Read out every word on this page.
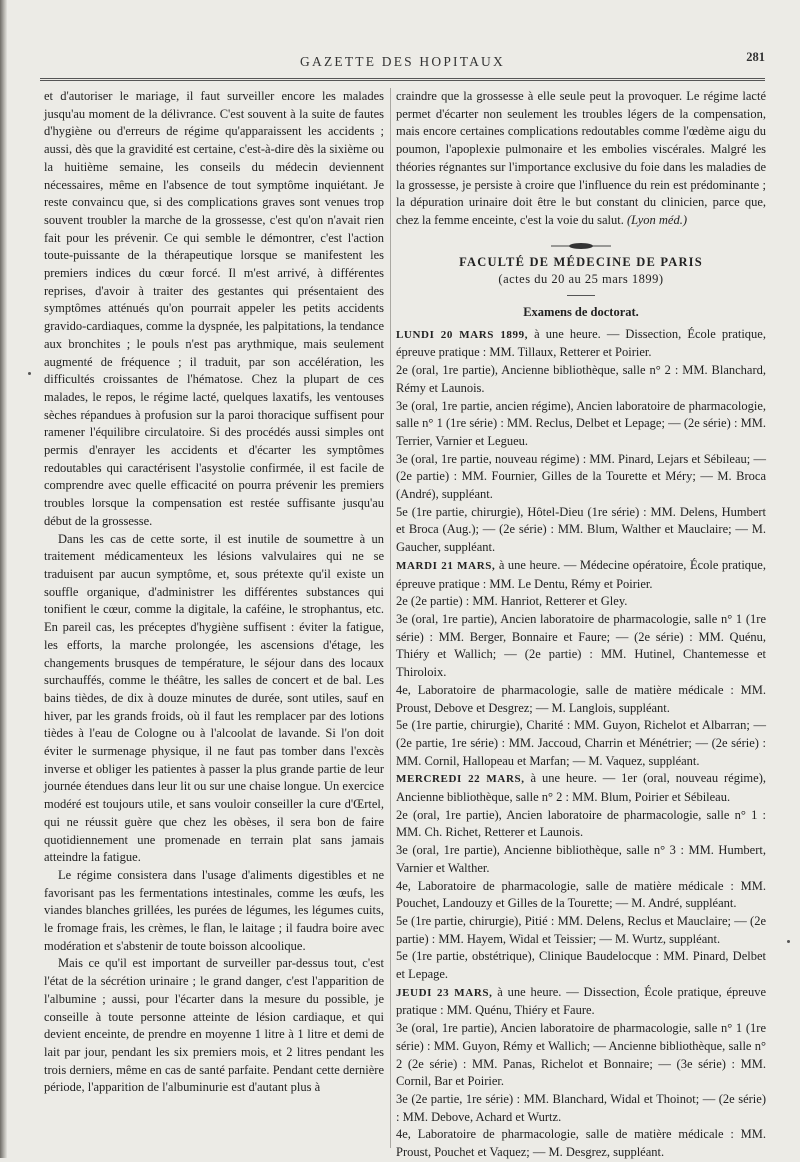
GAZETTE DES HOPITAUX	281

et d'autoriser le mariage, il faut surveiller encore les malades jusqu'au moment de la délivrance. C'est souvent à la suite de fautes d'hygiène ou d'erreurs de régime qu'apparaissent les accidents ; aussi, dès que la gravidité est certaine, c'est-à-dire dès la sixième ou la huitième semaine, les conseils du médecin deviennent nécessaires, même en l'absence de tout symptôme inquiétant. Je reste convaincu que, si des complications graves sont venues trop souvent troubler la marche de la grossesse, c'est qu'on n'avait rien fait pour les prévenir. Ce qui semble le démontrer, c'est l'action toute-puissante de la thérapeutique lorsque se manifestent les premiers indices du cœur forcé. Il m'est arrivé, à différentes reprises, d'avoir à traiter des gestantes qui présentaient des symptômes atténués qu'on pourrait appeler les petits accidents gravido-cardiaques, comme la dyspnée, les palpitations, la tendance aux bronchites ; le pouls n'est pas arythmique, mais seulement augmenté de fréquence ; il traduit, par son accélération, les difficultés croissantes de l'hématose. Chez la plupart de ces malades, le repos, le régime lacté, quelques laxatifs, les ventouses sèches répandues à profusion sur la paroi thoracique suffisent pour ramener l'équilibre circulatoire. Si des procédés aussi simples ont permis d'enrayer les accidents et d'écarter les symptômes redoutables qui caractérisent l'asystolie confirmée, il est facile de comprendre avec quelle efficacité on pourra prévenir les premiers troubles lorsque la compensation est restée suffisante jusqu'au début de la grossesse.

Dans les cas de cette sorte, il est inutile de soumettre à un traitement médicamenteux les lésions valvulaires qui ne se traduisent par aucun symptôme, et, sous prétexte qu'il existe un souffle organique, d'administrer les différentes substances qui tonifient le cœur, comme la digitale, la caféine, le strophantus, etc. En pareil cas, les préceptes d'hygiène suffisent : éviter la fatigue, les efforts, la marche prolongée, les ascensions d'étage, les changements brusques de température, le séjour dans des locaux surchauffés, comme le théâtre, les salles de concert et de bal. Les bains tièdes, de dix à douze minutes de durée, sont utiles, sauf en hiver, par les grands froids, où il faut les remplacer par des lotions tièdes à l'eau de Cologne ou à l'alcoolat de lavande. Si l'on doit éviter le surmenage physique, il ne faut pas tomber dans l'excès inverse et obliger les patientes à passer la plus grande partie de leur journée étendues dans leur lit ou sur une chaise longue. Un exercice modéré est toujours utile, et sans vouloir conseiller la cure d'Œrtel, qui ne réussit guère que chez les obèses, il sera bon de faire quotidiennement une promenade en terrain plat sans jamais atteindre la fatigue.

Le régime consistera dans l'usage d'aliments digestibles et ne favorisant pas les fermentations intestinales, comme les œufs, les viandes blanches grillées, les purées de légumes, les légumes cuits, le fromage frais, les crèmes, le flan, le laitage ; il faudra boire avec modération et s'abstenir de toute boisson alcoolique.

Mais ce qu'il est important de surveiller par-dessus tout, c'est l'état de la sécrétion urinaire ; le grand danger, c'est l'apparition de l'albumine ; aussi, pour l'écarter dans la mesure du possible, je conseille à toute personne atteinte de lésion cardiaque, et qui devient enceinte, de prendre en moyenne 1 litre à 1 litre et demi de lait par jour, pendant les six premiers mois, et 2 litres pendant les trois derniers, même en cas de santé parfaite. Pendant cette dernière période, l'apparition de l'albuminurie est d'autant plus à

craindre que la grossesse à elle seule peut la provoquer. Le régime lacté permet d'écarter non seulement les troubles légers de la compensation, mais encore certaines complications redoutables comme l'œdème aigu du poumon, l'apoplexie pulmonaire et les embolies viscérales. Malgré les théories régnantes sur l'importance exclusive du foie dans les maladies de la grossesse, je persiste à croire que l'influence du rein est prédominante ; la dépuration urinaire doit être le but constant du clinicien, parce que, chez la femme enceinte, c'est la voie du salut. (Lyon méd.)

FACULTÉ DE MÉDECINE DE PARIS
(actes du 20 au 25 mars 1899)
Examens de doctorat.

LUNDI 20 MARS 1899, à une heure. — Dissection, École pratique, épreuve pratique : MM. Tillaux, Retterer et Poirier.

2e (oral, 1re partie), Ancienne bibliothèque, salle n° 2 : MM. Blanchard, Rémy et Launois.

3e (oral, 1re partie, ancien régime), Ancien laboratoire de pharmacologie, salle n° 1 (1re série) : MM. Reclus, Delbet et Lepage; — (2e série) : MM. Terrier, Varnier et Legueu.

3e (oral, 1re partie, nouveau régime) : MM. Pinard, Lejars et Sébileau; — (2e partie) : MM. Fournier, Gilles de la Tourette et Méry; — M. Broca (André), suppléant.

5e (1re partie, chirurgie), Hôtel-Dieu (1re série) : MM. Delens, Humbert et Broca (Aug.); — (2e série) : MM. Blum, Walther et Mauclaire; — M. Gaucher, suppléant.

MARDI 21 MARS, à une heure. — Médecine opératoire, École pratique, épreuve pratique : MM. Le Dentu, Rémy et Poirier.

2e (2e partie) : MM. Hanriot, Retterer et Gley.

3e (oral, 1re partie), Ancien laboratoire de pharmacologie, salle n° 1 (1re série) : MM. Berger, Bonnaire et Faure; — (2e série) : MM. Quénu, Thiéry et Wallich; — (2e partie) : MM. Hutinel, Chantemesse et Thiroloix.

4e, Laboratoire de pharmacologie, salle de matière médicale : MM. Proust, Debove et Desgrez; — M. Langlois, suppléant.

5e (1re partie, chirurgie), Charité : MM. Guyon, Richelot et Albarran; — (2e partie, 1re série) : MM. Jaccoud, Charrin et Ménétrier; — (2e série) : MM. Cornil, Hallopeau et Marfan; — M. Vaquez, suppléant.

MERCREDI 22 MARS, à une heure. — 1er (oral, nouveau régime), Ancienne bibliothèque, salle n° 2 : MM. Blum, Poirier et Sébileau.

2e (oral, 1re partie), Ancien laboratoire de pharmacologie, salle n° 1 : MM. Ch. Richet, Retterer et Launois.

3e (oral, 1re partie), Ancienne bibliothèque, salle n° 3 : MM. Humbert, Varnier et Walther.

4e, Laboratoire de pharmacologie, salle de matière médicale : MM. Pouchet, Landouzy et Gilles de la Tourette; — M. André, suppléant.

5e (1re partie, chirurgie), Pitié : MM. Delens, Reclus et Mauclaire; — (2e partie) : MM. Hayem, Widal et Teissier; — M. Wurtz, suppléant.

5e (1re partie, obstétrique), Clinique Baudelocque : MM. Pinard, Delbet et Lepage.

JEUDI 23 MARS, à une heure. — Dissection, École pratique, épreuve pratique : MM. Quénu, Thiéry et Faure.

3e (oral, 1re partie), Ancien laboratoire de pharmacologie, salle n° 1 (1re série) : MM. Guyon, Rémy et Wallich; — Ancienne bibliothèque, salle n° 2 (2e série) : MM. Panas, Richelot et Bonnaire; — (3e série) : MM. Cornil, Bar et Poirier.

3e (2e partie, 1re série) : MM. Blanchard, Widal et Thoinot; — (2e série) : MM. Debove, Achard et Wurtz.

4e, Laboratoire de pharmacologie, salle de matière médicale : MM. Proust, Pouchet et Vaquez; — M. Desgrez, suppléant.
